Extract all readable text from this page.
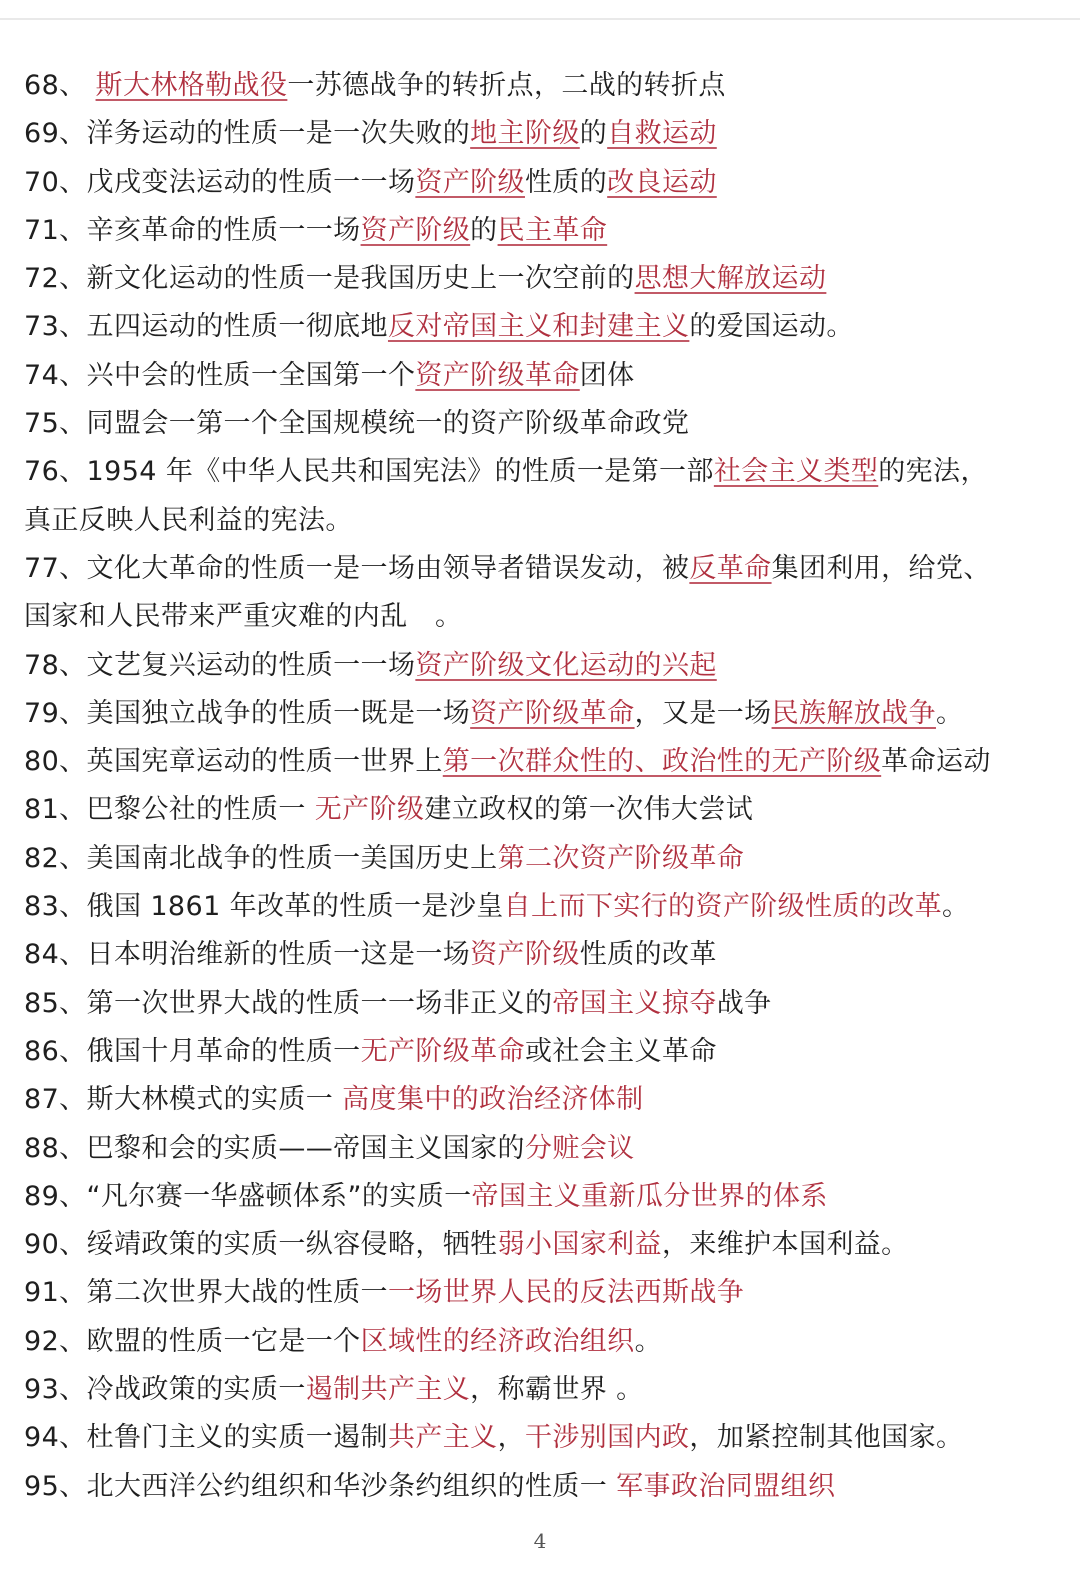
68、 斯大林格勒战役一苏德战争的转折点，二战的转折点
69、洋务运动的性质一是一次失败的地主阶级的自救运动
70、戊戌变法运动的性质一一场资产阶级性质的改良运动
71、辛亥革命的性质一一场资产阶级的民主革命
72、新文化运动的性质一是我国历史上一次空前的思想大解放运动
73、五四运动的性质一彻底地反对帝国主义和封建主义的爱国运动。
74、兴中会的性质一全国第一个资产阶级革命团体
75、同盟会一第一个全国规模统一的资产阶级革命政党
76、1954 年《中华人民共和国宪法》的性质一是第一部社会主义类型的宪法，
真正反映人民利益的宪法。
77、文化大革命的性质一是一场由领导者错误发动，被反革命集团利用，给党、
国家和人民带来严重灾难的内乱　。
78、文艺复兴运动的性质一一场资产阶级文化运动的兴起
79、美国独立战争的性质一既是一场资产阶级革命，又是一场民族解放战争。
80、英国宪章运动的性质一世界上第一次群众性的、政治性的无产阶级革命运动
81、巴黎公社的性质一 无产阶级建立政权的第一次伟大尝试
82、美国南北战争的性质一美国历史上第二次资产阶级革命
83、俄国 1861 年改革的性质一是沙皇自上而下实行的资产阶级性质的改革。
84、日本明治维新的性质一这是一场资产阶级性质的改革
85、第一次世界大战的性质一一场非正义的帝国主义掠夺战争
86、俄国十月革命的性质一无产阶级革命或社会主义革命
87、斯大林模式的实质一 高度集中的政治经济体制
88、巴黎和会的实质——帝国主义国家的分赃会议
89、“凡尔赛一华盛顿体系”的实质一帝国主义重新瓜分世界的体系
90、绥靖政策的实质一纵容侵略，牺牲弱小国家利益，来维护本国利益。
91、第二次世界大战的性质一一场世界人民的反法西斯战争
92、欧盟的性质一它是一个区域性的经济政治组织。
93、冷战政策的实质一遏制共产主义，称霸世界 。
94、杜鲁门主义的实质一遏制共产主义，干涉别国内政，加紧控制其他国家。
95、北大西洋公约组织和华沙条约组织的性质一 军事政治同盟组织
4
